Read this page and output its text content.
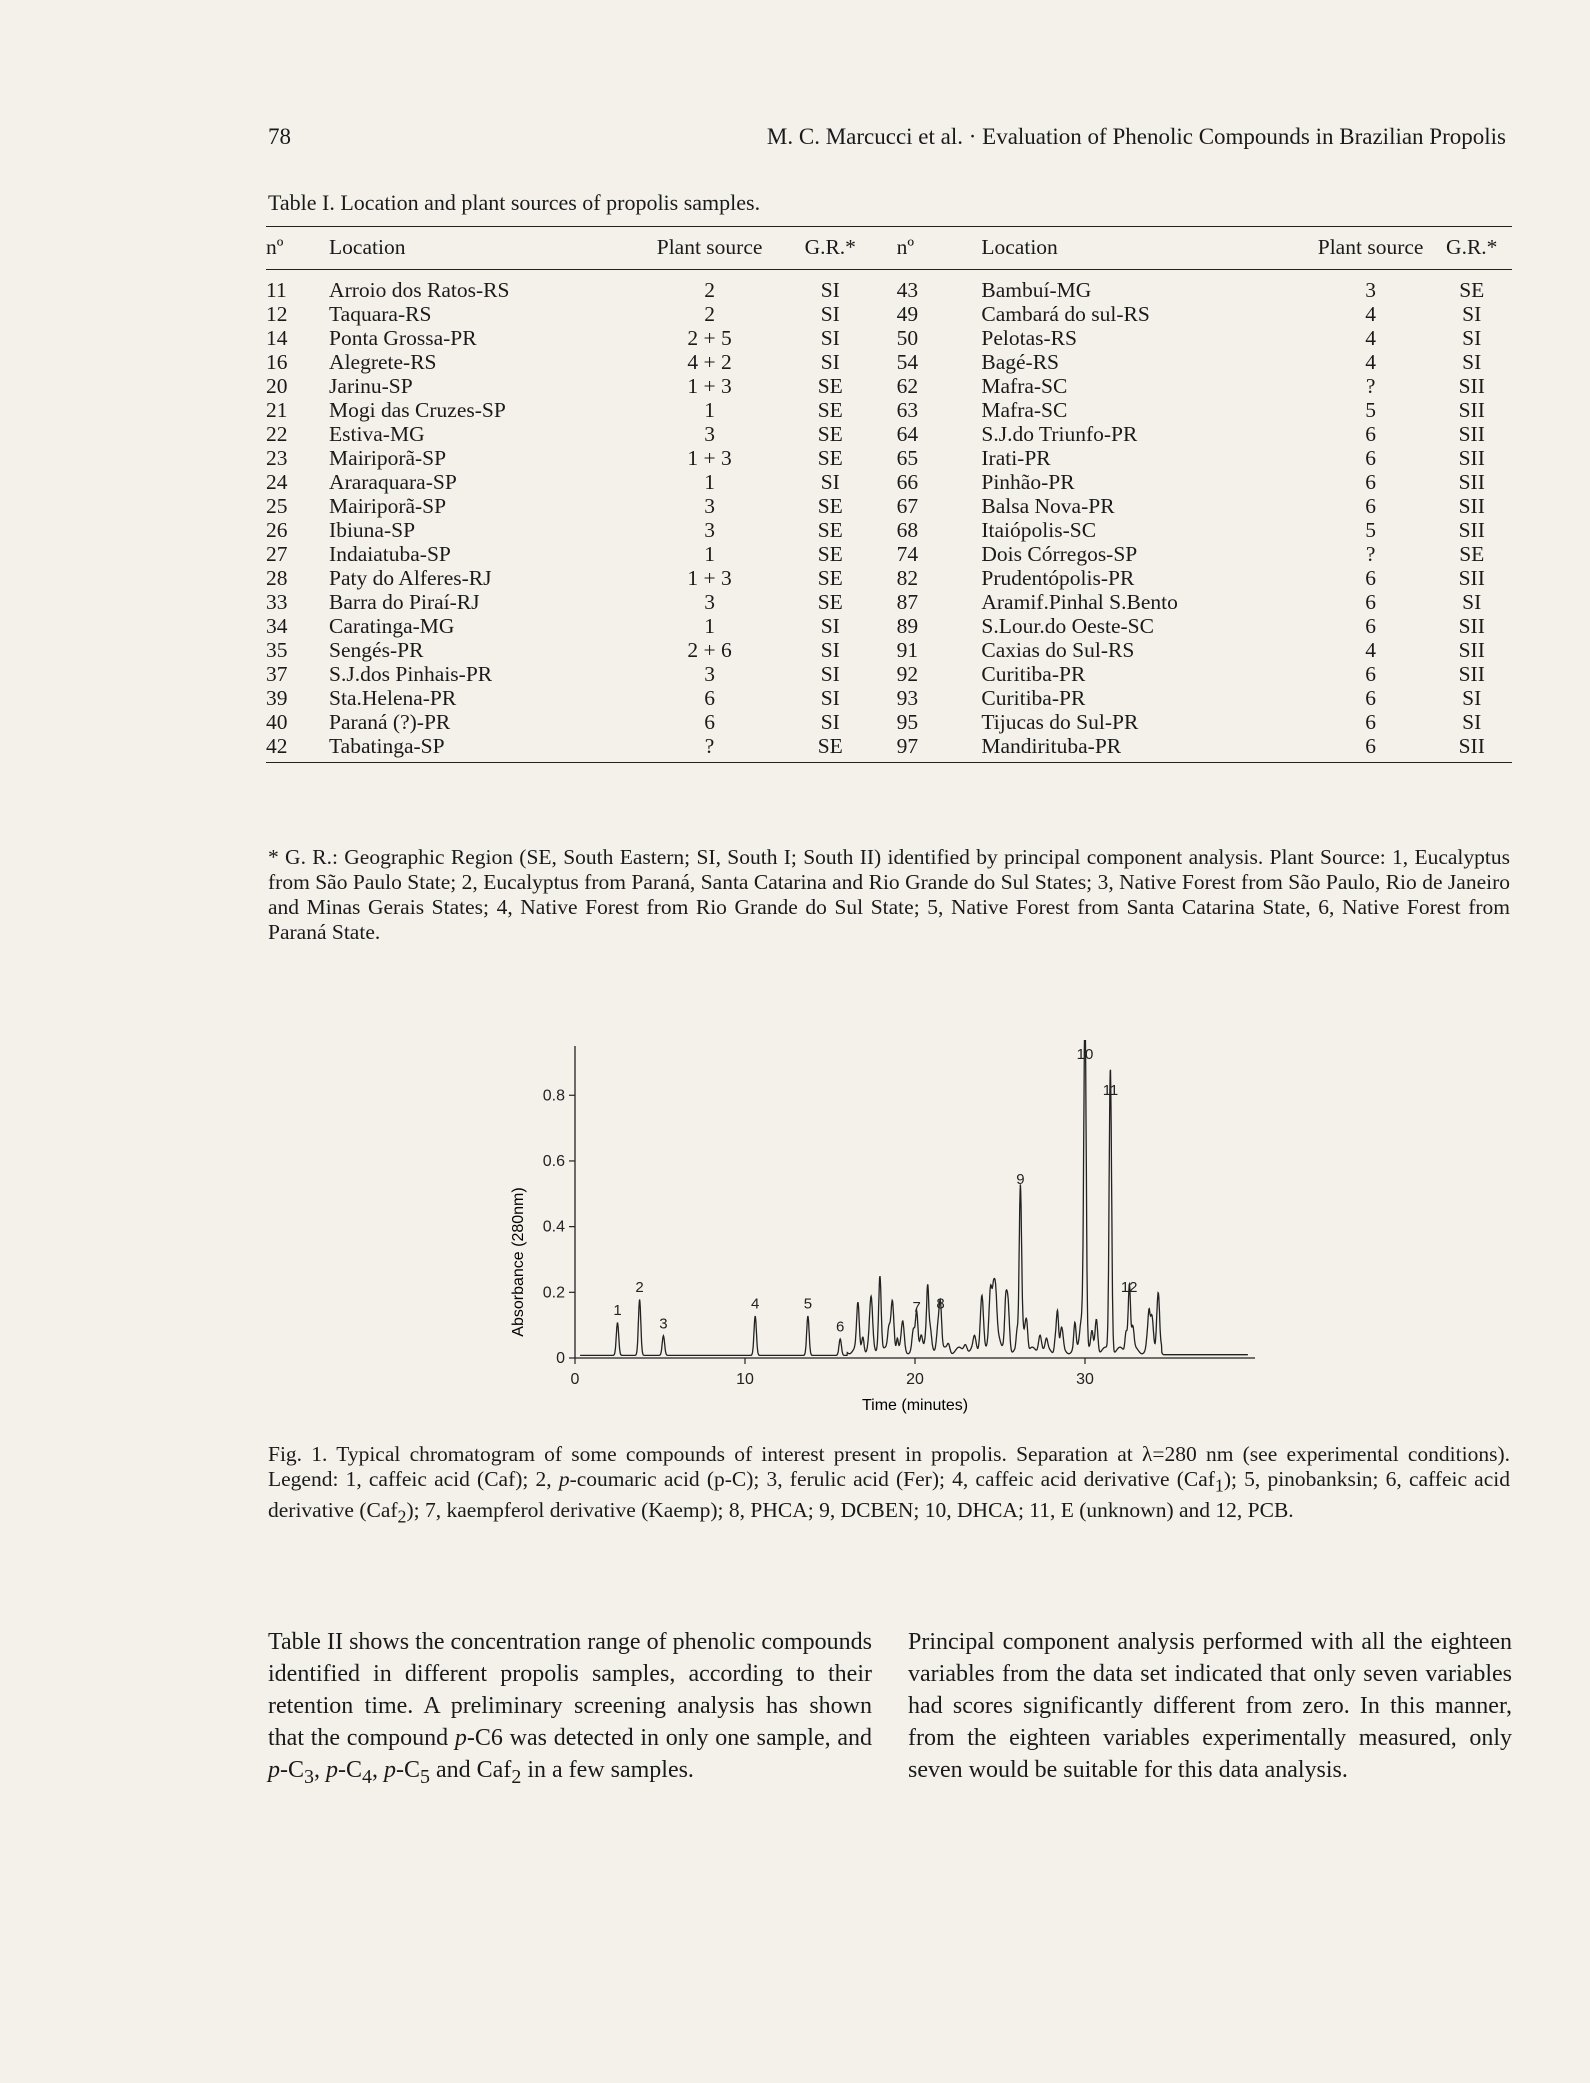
78	M. C. Marcucci et al. · Evaluation of Phenolic Compounds in Brazilian Propolis
Table I. Location and plant sources of propolis samples.
nº	Location	Plant source	G.R.*	nº	Location	Plant source	G.R.*
11	Arroio dos Ratos-RS	2	SI	43	Bambuí-MG	3	SE
12	Taquara-RS	2	SI	49	Cambará do sul-RS	4	SI
14	Ponta Grossa-PR	2 + 5	SI	50	Pelotas-RS	4	SI
16	Alegrete-RS	4 + 2	SI	54	Bagé-RS	4	SI
20	Jarinu-SP	1 + 3	SE	62	Mafra-SC	?	SII
21	Mogi das Cruzes-SP	1	SE	63	Mafra-SC	5	SII
22	Estiva-MG	3	SE	64	S.J.do Triunfo-PR	6	SII
23	Mairiporã-SP	1 + 3	SE	65	Irati-PR	6	SII
24	Araraquara-SP	1	SI	66	Pinhão-PR	6	SII
25	Mairiporã-SP	3	SE	67	Balsa Nova-PR	6	SII
26	Ibiuna-SP	3	SE	68	Itaiópolis-SC	5	SII
27	Indaiatuba-SP	1	SE	74	Dois Córregos-SP	?	SE
28	Paty do Alferes-RJ	1 + 3	SE	82	Prudentópolis-PR	6	SII
33	Barra do Piraí-RJ	3	SE	87	Aramif.Pinhal S.Bento	6	SI
34	Caratinga-MG	1	SI	89	S.Lour.do Oeste-SC	6	SII
35	Sengés-PR	2 + 6	SI	91	Caxias do Sul-RS	4	SII
37	S.J.dos Pinhais-PR	3	SI	92	Curitiba-PR	6	SII
39	Sta.Helena-PR	6	SI	93	Curitiba-PR	6	SI
40	Paraná (?)-PR	6	SI	95	Tijucas do Sul-PR	6	SI
42	Tabatinga-SP	?	SE	97	Mandirituba-PR	6	SII
* G. R.: Geographic Region (SE, South Eastern; SI, South I; South II) identified by principal component analysis. Plant Source: 1, Eucalyptus from São Paulo State; 2, Eucalyptus from Paraná, Santa Catarina and Rio Grande do Sul States; 3, Native Forest from São Paulo, Rio de Janeiro and Minas Gerais States; 4, Native Forest from Rio Grande do Sul State; 5, Native Forest from Santa Catarina State, 6, Native Forest from Paraná State.
0	10	20	30
0
0.2
0.4
0.6
0.8
1
2
3
4	5
6
7 8
9
10
11
12
Time (minutes)
Absorbance (280nm)
Fig. 1. Typical chromatogram of some compounds of interest present in propolis. Separation at λ=280 nm (see experimental conditions). Legend: 1, caffeic acid (Caf); 2, p-coumaric acid (p-C); 3, ferulic acid (Fer); 4, caffeic acid derivative (Caf$_1$); 5, pinobanksin; 6, caffeic acid derivative (Caf$_2$); 7, kaempferol derivative (Kaemp); 8, PHCA; 9, DCBEN; 10, DHCA; 11, E (unknown) and 12, PCB.
Table II shows the concentration range of phenolic compounds identified in different propolis samples, according to their retention time. A preliminary screening analysis has shown that the compound p-C6 was detected in only one sample, and $p-C_3$, $p-C_4$, $p-C_5$ and Caf$_2$ in a few samples.
Principal component analysis performed with all the eighteen variables from the data set indicated that only seven variables had scores significantly different from zero. In this manner, from the eighteen variables experimentally measured, only seven would be suitable for this data analysis.
